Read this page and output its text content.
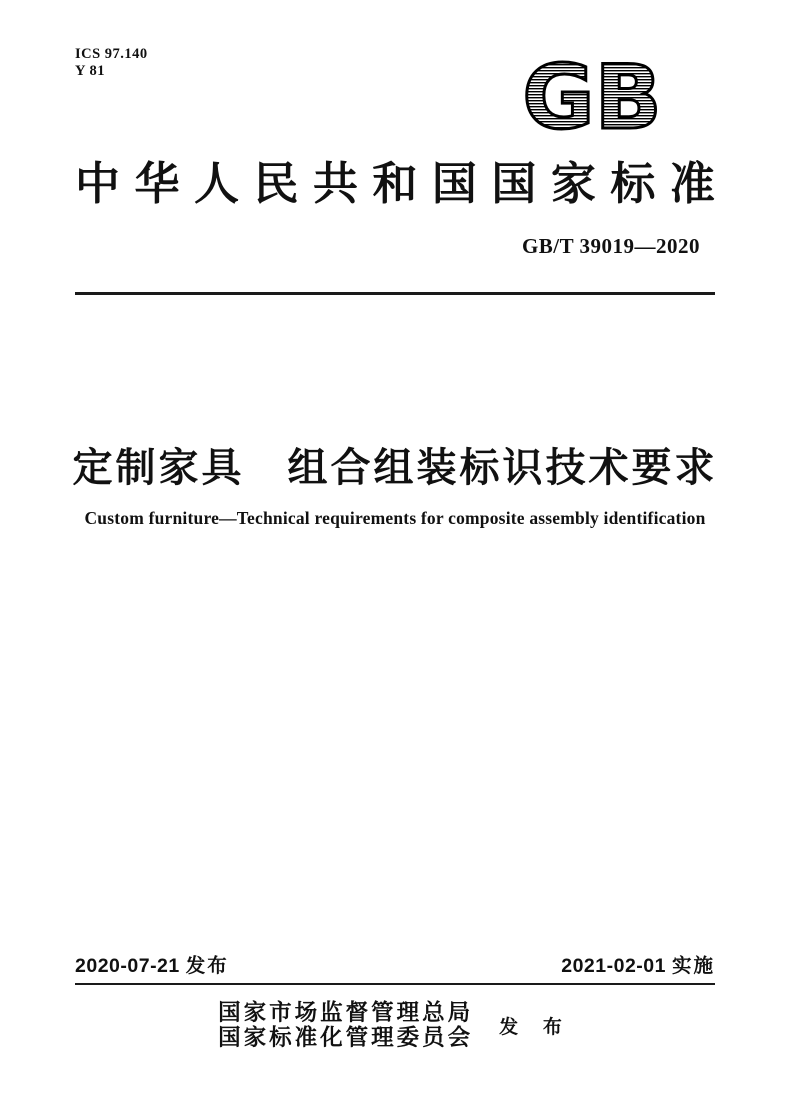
ICS 97.140
Y 81	GB
中 华 人 民 共 和 国 国 家 标 准
GB/T 39019—2020
定制家具　组合组装标识技术要求
Custom furniture—Technical requirements for composite assembly identification
2020-07-21 发布	2021-02-01 实施
国家市场监督管理总局
国家标准化管理委员会 发 布
